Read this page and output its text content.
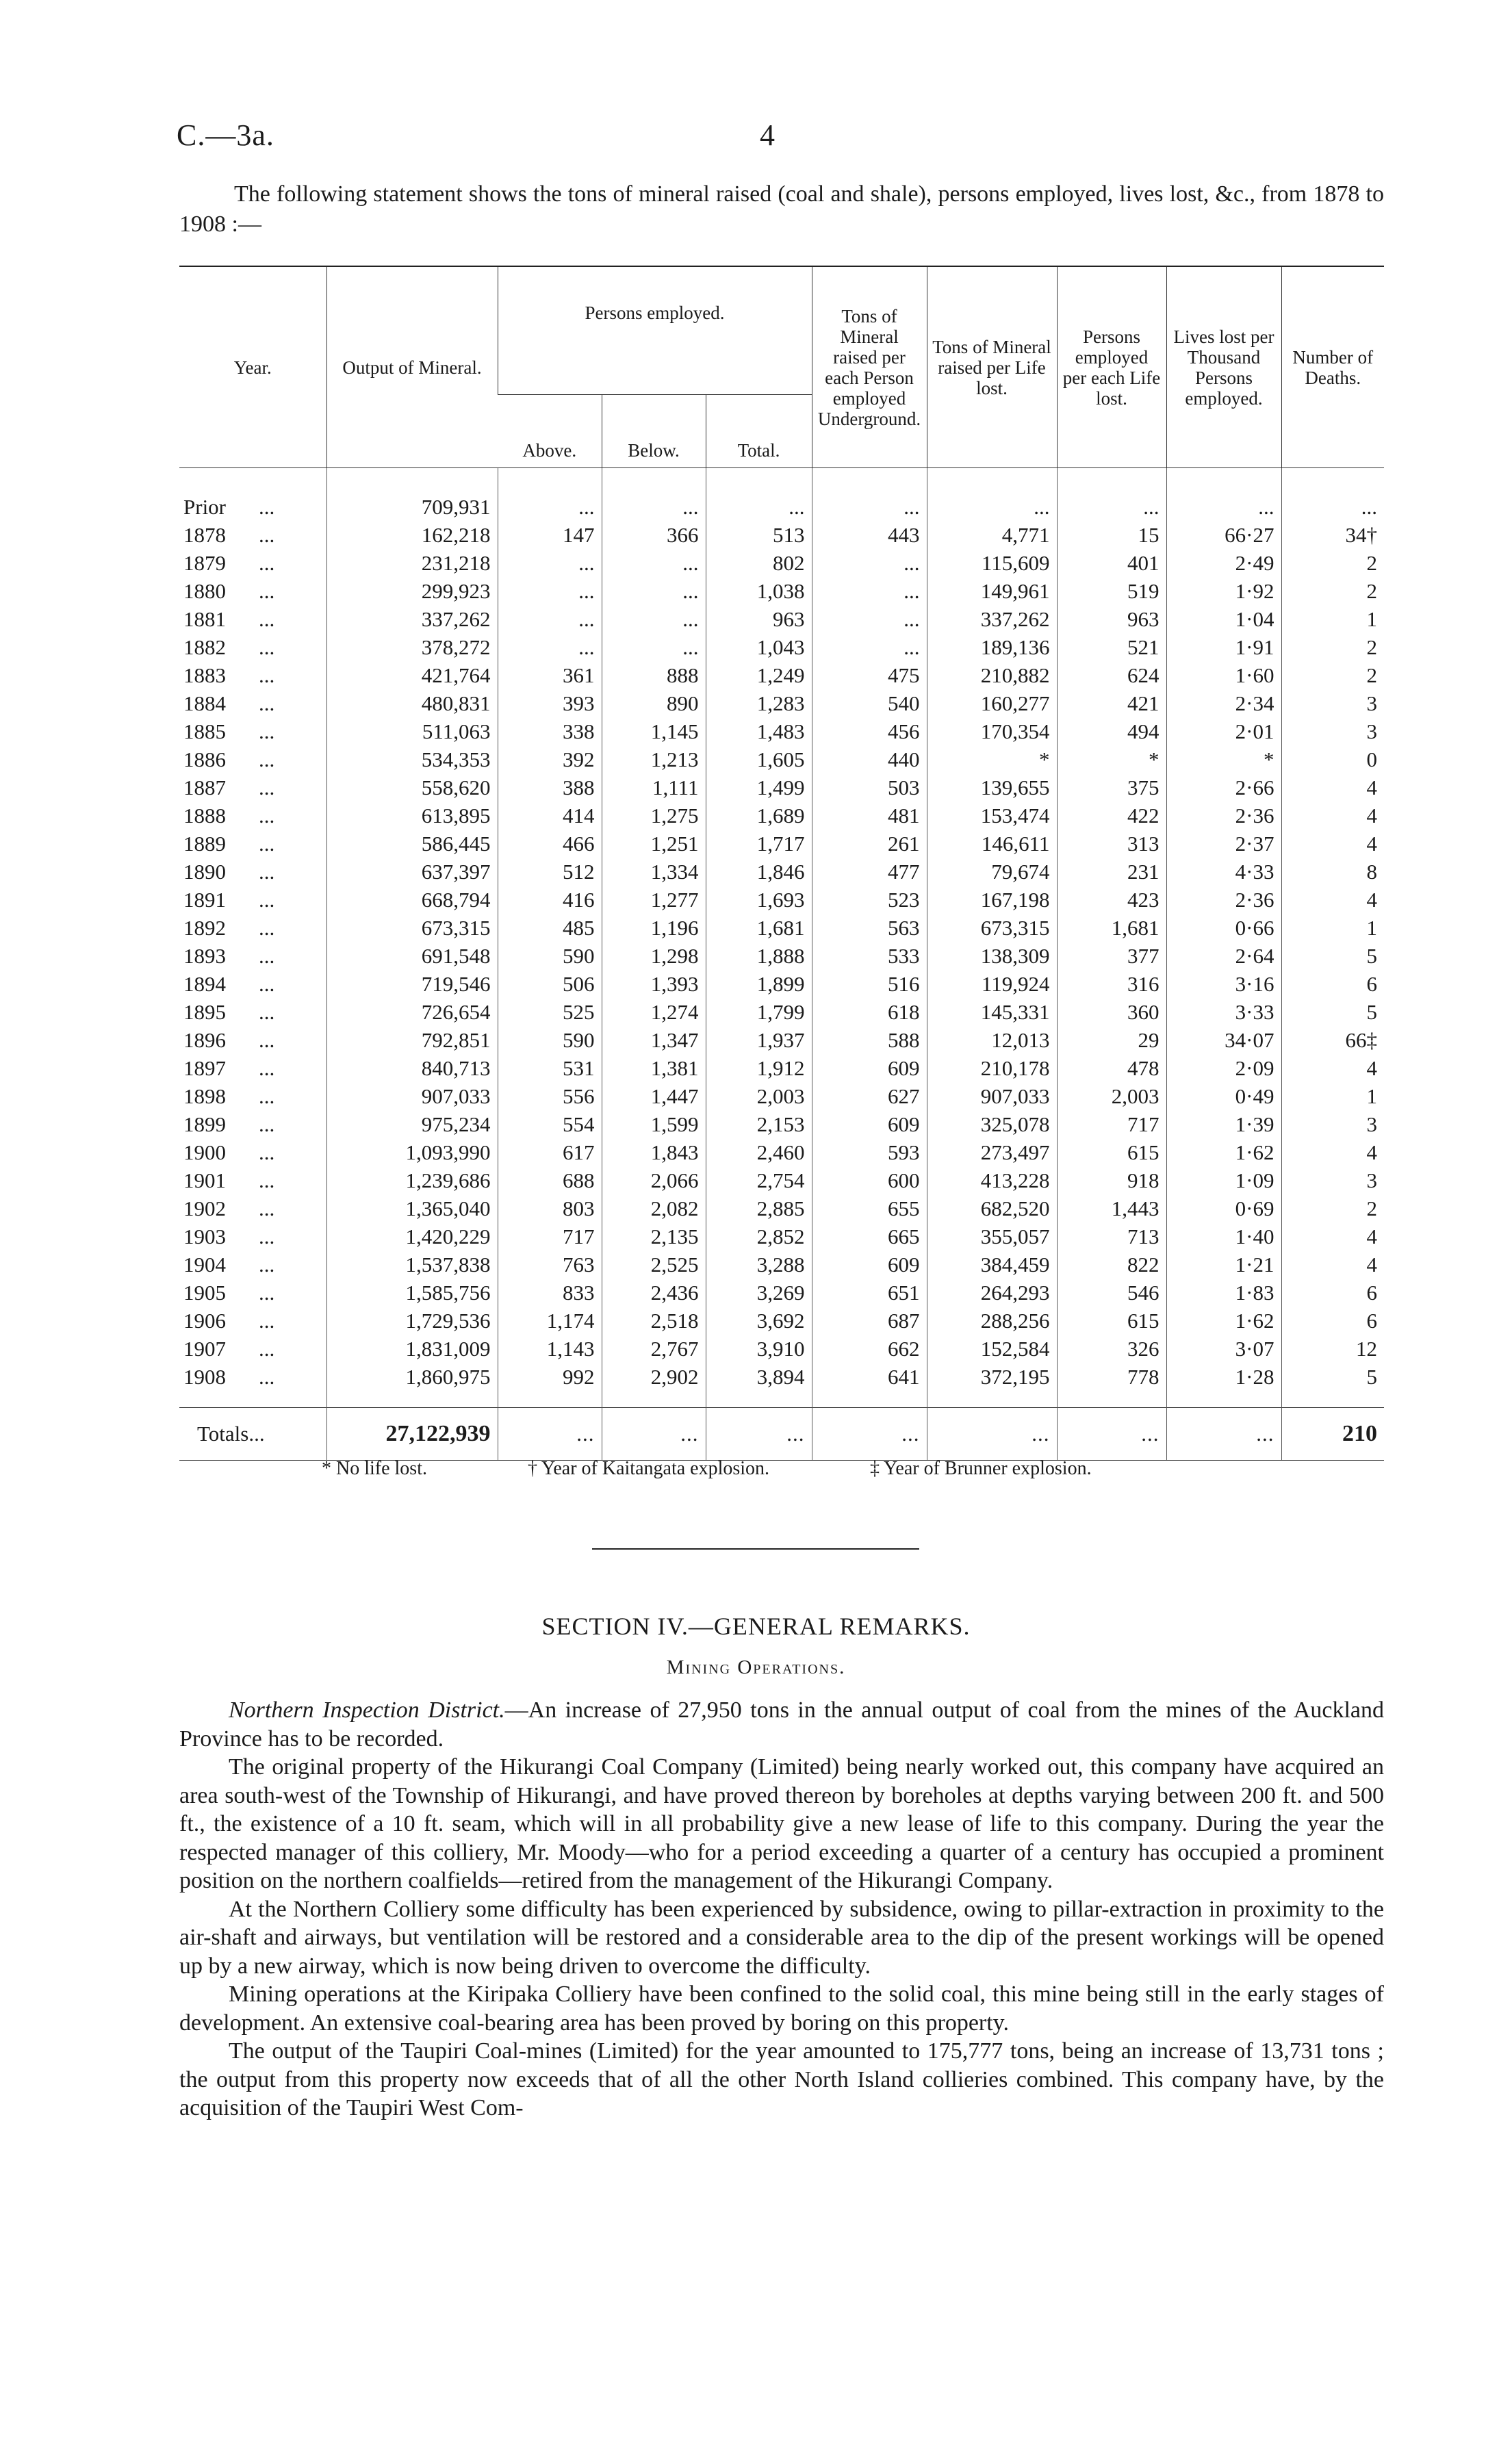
C.—3a.	4
The following statement shows the tons of mineral raised (coal and shale), persons employed, lives lost, &c., from 1878 to 1908 :—
Year.	Output of Mineral.	Persons employed.			Tons of Mineral raised per each Person employed Underground.	Tons of Mineral raised per Life lost.	Persons employed per each Life lost.	Lives lost per Thousand Persons employed.	Number of Deaths.
		Above.	Below.	Total.					

Prior ...	709,931	...	...	...	...	...	...	...	...
1878 ...	162,218	147	366	513	443	4,771	15	66·27	34†
1879 ...	231,218	...	...	802	...	115,609	401	2·49	2
1880 ...	299,923	...	...	1,038	...	149,961	519	1·92	2
1881 ...	337,262	...	...	963	...	337,262	963	1·04	1
1882 ...	378,272	...	...	1,043	...	189,136	521	1·91	2
1883 ...	421,764	361	888	1,249	475	210,882	624	1·60	2
1884 ...	480,831	393	890	1,283	540	160,277	421	2·34	3
1885 ...	511,063	338	1,145	1,483	456	170,354	494	2·01	3
1886 ...	534,353	392	1,213	1,605	440	*	*	*	0
1887 ...	558,620	388	1,111	1,499	503	139,655	375	2·66	4
1888 ...	613,895	414	1,275	1,689	481	153,474	422	2·36	4
1889 ...	586,445	466	1,251	1,717	261	146,611	313	2·37	4
1890 ...	637,397	512	1,334	1,846	477	79,674	231	4·33	8
1891 ...	668,794	416	1,277	1,693	523	167,198	423	2·36	4
1892 ...	673,315	485	1,196	1,681	563	673,315	1,681	0·66	1
1893 ...	691,548	590	1,298	1,888	533	138,309	377	2·64	5
1894 ...	719,546	506	1,393	1,899	516	119,924	316	3·16	6
1895 ...	726,654	525	1,274	1,799	618	145,331	360	3·33	5
1896 ...	792,851	590	1,347	1,937	588	12,013	29	34·07	66‡
1897 ...	840,713	531	1,381	1,912	609	210,178	478	2·09	4
1898 ...	907,033	556	1,447	2,003	627	907,033	2,003	0·49	1
1899 ...	975,234	554	1,599	2,153	609	325,078	717	1·39	3
1900 ...	1,093,990	617	1,843	2,460	593	273,497	615	1·62	4
1901 ...	1,239,686	688	2,066	2,754	600	413,228	918	1·09	3
1902 ...	1,365,040	803	2,082	2,885	655	682,520	1,443	0·69	2
1903 ...	1,420,229	717	2,135	2,852	665	355,057	713	1·40	4
1904 ...	1,537,838	763	2,525	3,288	609	384,459	822	1·21	4
1905 ...	1,585,756	833	2,436	3,269	651	264,293	546	1·83	6
1906 ...	1,729,536	1,174	2,518	3,692	687	288,256	615	1·62	6
1907 ...	1,831,009	1,143	2,767	3,910	662	152,584	326	3·07	12
1908 ...	1,860,975	992	2,902	3,894	641	372,195	778	1·28	5

Totals...	27,122,939	...	...	...	...	...	...	...	210
* No life lost.	† Year of Kaitangata explosion.	‡ Year of Brunner explosion.
SECTION IV.—GENERAL REMARKS.
Mining Operations.

Northern Inspection District.—An increase of 27,950 tons in the annual output of coal from the mines of the Auckland Province has to be recorded.

The original property of the Hikurangi Coal Company (Limited) being nearly worked out, this company have acquired an area south-west of the Township of Hikurangi, and have proved thereon by boreholes at depths varying between 200 ft. and 500 ft., the existence of a 10 ft. seam, which will in all probability give a new lease of life to this company. During the year the respected manager of this colliery, Mr. Moody—who for a period exceeding a quarter of a century has occupied a prominent position on the northern coalfields—retired from the management of the Hikurangi Company.

At the Northern Colliery some difficulty has been experienced by subsidence, owing to pillar-extraction in proximity to the air-shaft and airways, but ventilation will be restored and a considerable area to the dip of the present workings will be opened up by a new airway, which is now being driven to overcome the difficulty.

Mining operations at the Kiripaka Colliery have been confined to the solid coal, this mine being still in the early stages of development. An extensive coal-bearing area has been proved by boring on this property.

The output of the Taupiri Coal-mines (Limited) for the year amounted to 175,777 tons, being an increase of 13,731 tons ; the output from this property now exceeds that of all the other North Island collieries combined. This company have, by the acquisition of the Taupiri West Com-
